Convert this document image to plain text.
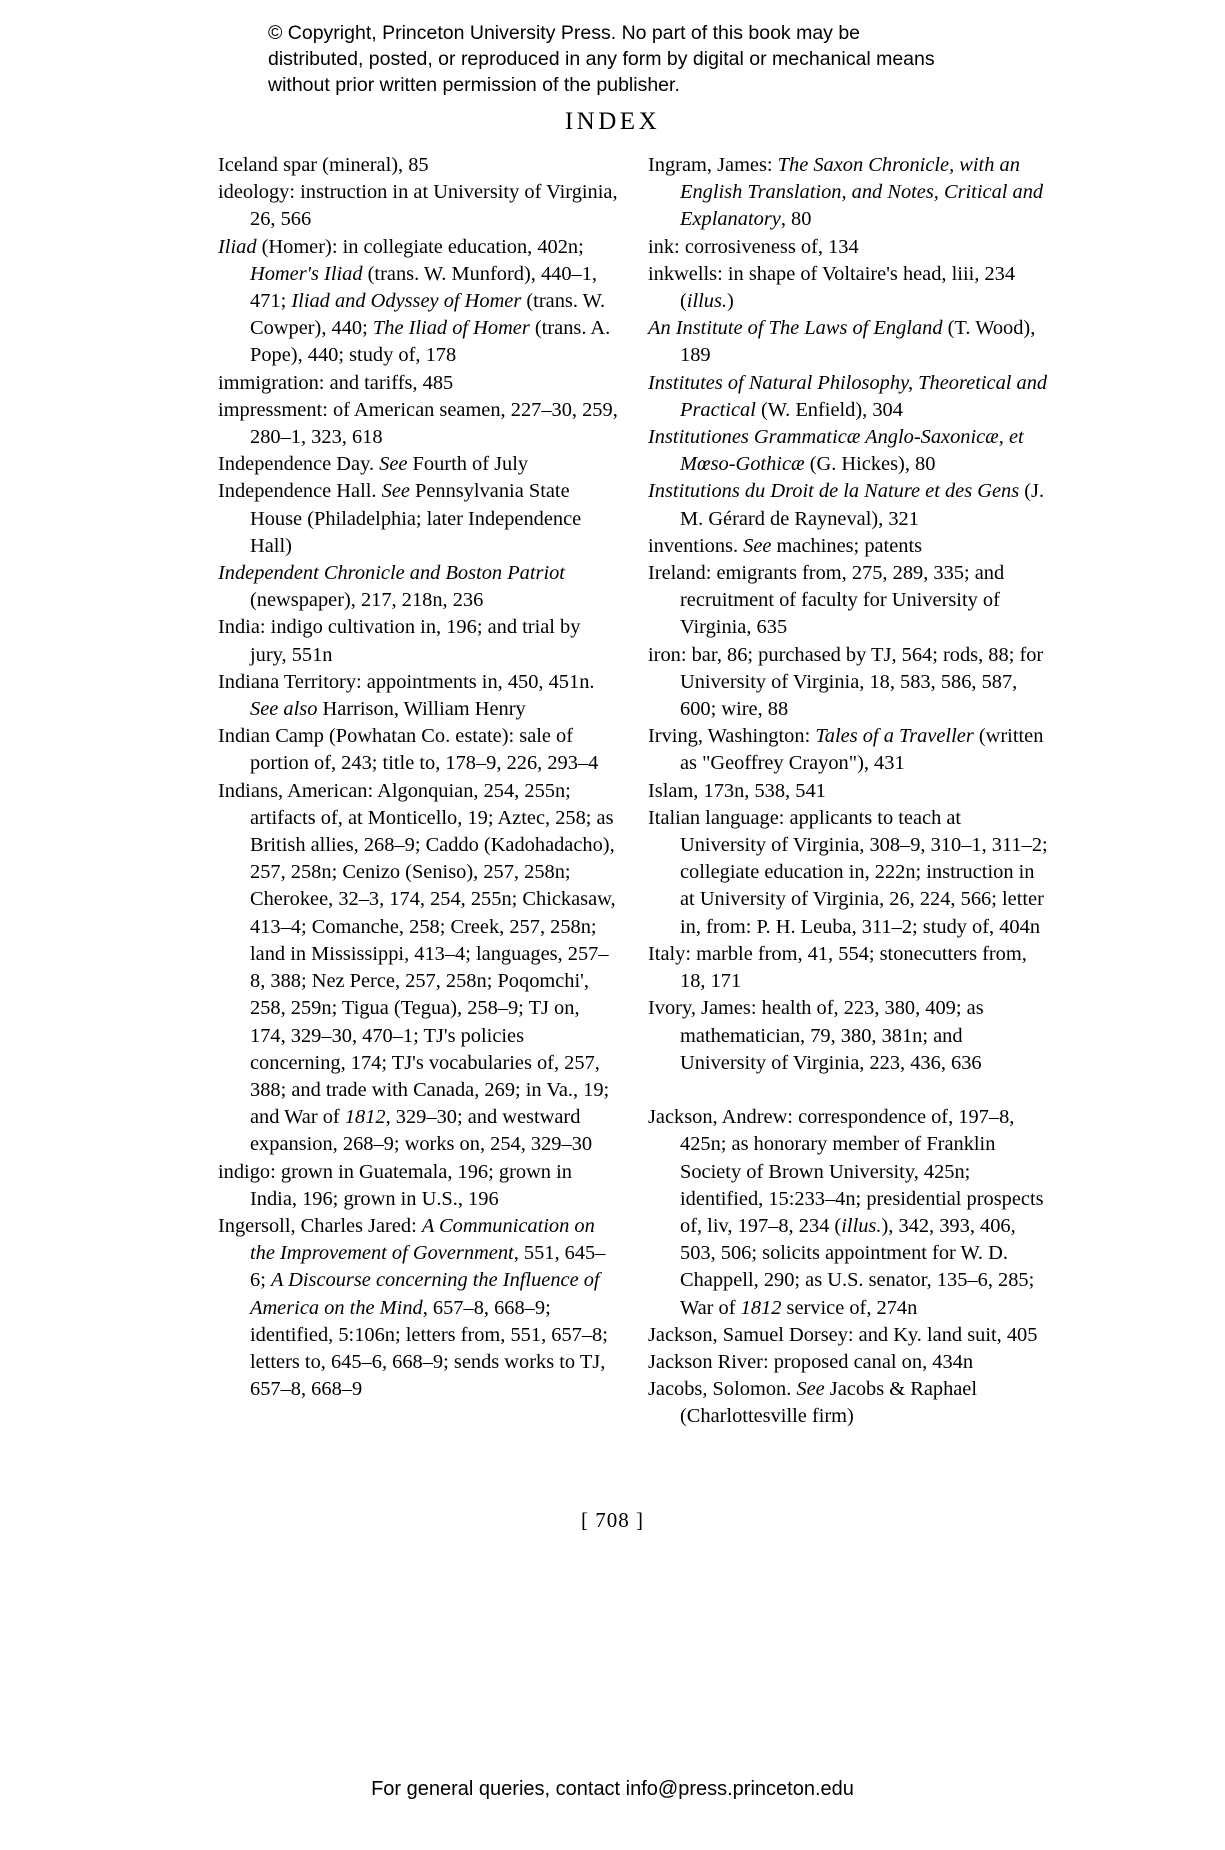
© Copyright, Princeton University Press. No part of this book may be distributed, posted, or reproduced in any form by digital or mechanical means without prior written permission of the publisher.
INDEX
Iceland spar (mineral), 85
ideology: instruction in at University of Virginia, 26, 566
Iliad (Homer): in collegiate education, 402n; Homer's Iliad (trans. W. Munford), 440–1, 471; Iliad and Odyssey of Homer (trans. W. Cowper), 440; The Iliad of Homer (trans. A. Pope), 440; study of, 178
immigration: and tariffs, 485
impressment: of American seamen, 227–30, 259, 280–1, 323, 618
Independence Day. See Fourth of July
Independence Hall. See Pennsylvania State House (Philadelphia; later Independence Hall)
Independent Chronicle and Boston Patriot (newspaper), 217, 218n, 236
India: indigo cultivation in, 196; and trial by jury, 551n
Indiana Territory: appointments in, 450, 451n. See also Harrison, William Henry
Indian Camp (Powhatan Co. estate): sale of portion of, 243; title to, 178–9, 226, 293–4
Indians, American: Algonquian, 254, 255n; artifacts of, at Monticello, 19; Aztec, 258; as British allies, 268–9; Caddo (Kadohadacho), 257, 258n; Cenizo (Seniso), 257, 258n; Cherokee, 32–3, 174, 254, 255n; Chickasaw, 413–4; Comanche, 258; Creek, 257, 258n; land in Mississippi, 413–4; languages, 257–8, 388; Nez Perce, 257, 258n; Poqomchi', 258, 259n; Tigua (Tegua), 258–9; TJ on, 174, 329–30, 470–1; TJ's policies concerning, 174; TJ's vocabularies of, 257, 388; and trade with Canada, 269; in Va., 19; and War of 1812, 329–30; and westward expansion, 268–9; works on, 254, 329–30
indigo: grown in Guatemala, 196; grown in India, 196; grown in U.S., 196
Ingersoll, Charles Jared: A Communication on the Improvement of Government, 551, 645–6; A Discourse concerning the Influence of America on the Mind, 657–8, 668–9; identified, 5:106n; letters from, 551, 657–8; letters to, 645–6, 668–9; sends works to TJ, 657–8, 668–9
Ingram, James: The Saxon Chronicle, with an English Translation, and Notes, Critical and Explanatory, 80
ink: corrosiveness of, 134
inkwells: in shape of Voltaire's head, liii, 234 (illus.)
An Institute of The Laws of England (T. Wood), 189
Institutes of Natural Philosophy, Theoretical and Practical (W. Enfield), 304
Institutiones Grammaticæ Anglo-Saxonicæ, et Mœso-Gothicæ (G. Hickes), 80
Institutions du Droit de la Nature et des Gens (J. M. Gérard de Rayneval), 321
inventions. See machines; patents
Ireland: emigrants from, 275, 289, 335; and recruitment of faculty for University of Virginia, 635
iron: bar, 86; purchased by TJ, 564; rods, 88; for University of Virginia, 18, 583, 586, 587, 600; wire, 88
Irving, Washington: Tales of a Traveller (written as "Geoffrey Crayon"), 431
Islam, 173n, 538, 541
Italian language: applicants to teach at University of Virginia, 308–9, 310–1, 311–2; collegiate education in, 222n; instruction in at University of Virginia, 26, 224, 566; letter in, from: P. H. Leuba, 311–2; study of, 404n
Italy: marble from, 41, 554; stonecutters from, 18, 171
Ivory, James: health of, 223, 380, 409; as mathematician, 79, 380, 381n; and University of Virginia, 223, 436, 636
Jackson, Andrew: correspondence of, 197–8, 425n; as honorary member of Franklin Society of Brown University, 425n; identified, 15:233–4n; presidential prospects of, liv, 197–8, 234 (illus.), 342, 393, 406, 503, 506; solicits appointment for W. D. Chappell, 290; as U.S. senator, 135–6, 285; War of 1812 service of, 274n
Jackson, Samuel Dorsey: and Ky. land suit, 405
Jackson River: proposed canal on, 434n
Jacobs, Solomon. See Jacobs & Raphael (Charlottesville firm)
[ 708 ]
For general queries, contact info@press.princeton.edu
